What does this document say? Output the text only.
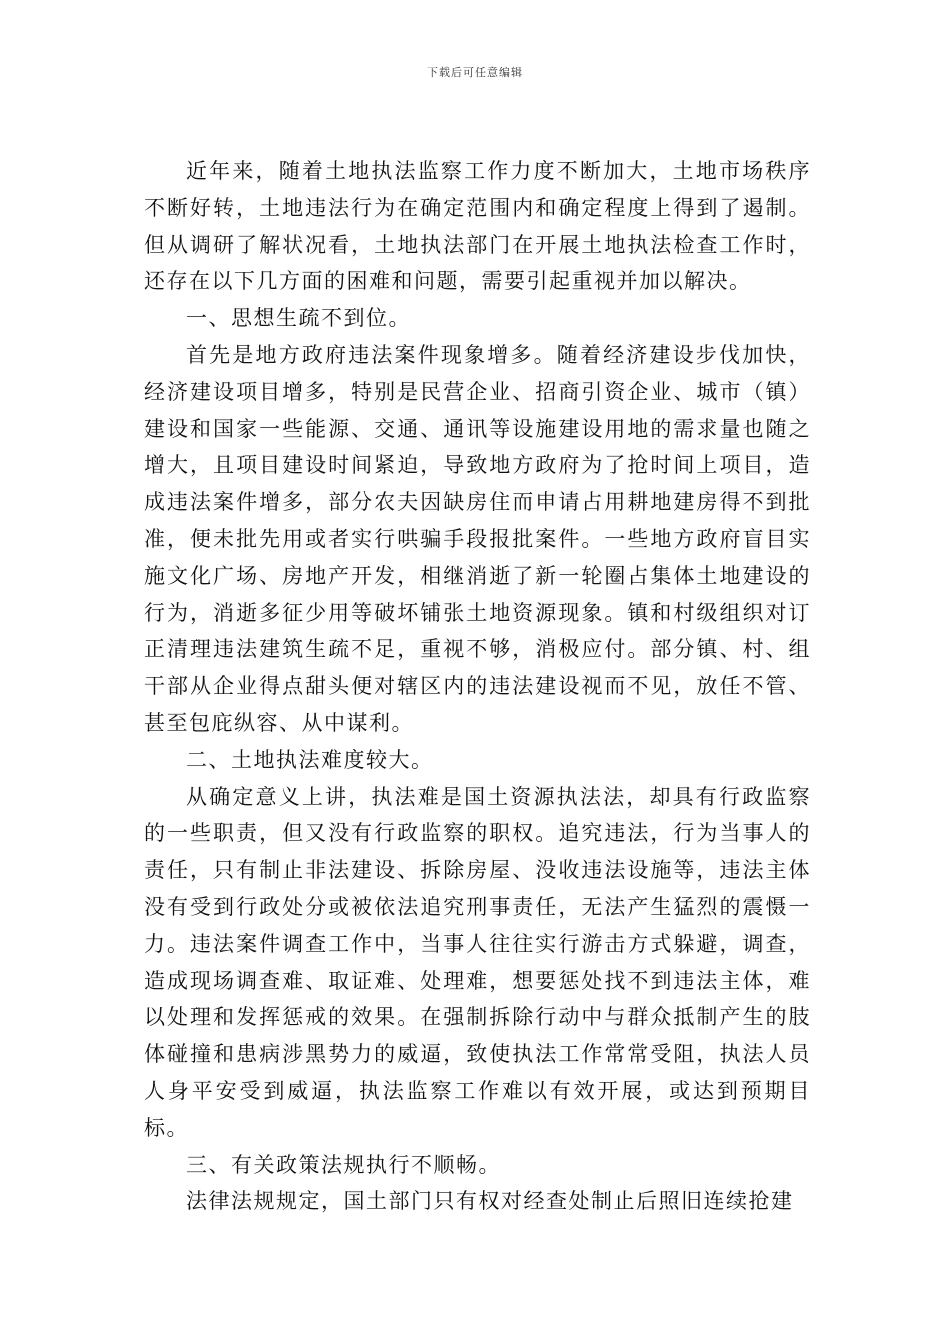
下载后可任意编辑

近年来，随着土地执法监察工作力度不断加大，土地市场秩序不断好转，土地违法行为在确定范围内和确定程度上得到了遏制。但从调研了解状况看，土地执法部门在开展土地执法检查工作时，还存在以下几方面的困难和问题，需要引起重视并加以解决。

一、思想生疏不到位。

首先是地方政府违法案件现象增多。随着经济建设步伐加快，经济建设项目增多，特别是民营企业、招商引资企业、城市（镇）建设和国家一些能源、交通、通讯等设施建设用地的需求量也随之增大，且项目建设时间紧迫，导致地方政府为了抢时间上项目，造成违法案件增多，部分农夫因缺房住而申请占用耕地建房得不到批准，便未批先用或者实行哄骗手段报批案件。一些地方政府盲目实施文化广场、房地产开发，相继消逝了新一轮圈占集体土地建设的行为，消逝多征少用等破坏铺张土地资源现象。镇和村级组织对订正清理违法建筑生疏不足，重视不够，消极应付。部分镇、村、组干部从企业得点甜头便对辖区内的违法建设视而不见，放任不管、甚至包庇纵容、从中谋利。

二、土地执法难度较大。

从确定意义上讲，执法难是国土资源执法法，却具有行政监察的一些职责，但又没有行政监察的职权。追究违法，行为当事人的责任，只有制止非法建设、拆除房屋、没收违法设施等，违法主体没有受到行政处分或被依法追究刑事责任，无法产生猛烈的震慑一力。违法案件调查工作中，当事人往往实行游击方式躲避，调查，造成现场调查难、取证难、处理难，想要惩处找不到违法主体，难以处理和发挥惩戒的效果。在强制拆除行动中与群众抵制产生的肢体碰撞和患病涉黑势力的威逼，致使执法工作常常受阻，执法人员人身平安受到威逼，执法监察工作难以有效开展，或达到预期目标。

三、有关政策法规执行不顺畅。

法律法规规定，国土部门只有权对经查处制止后照旧连续抢建
